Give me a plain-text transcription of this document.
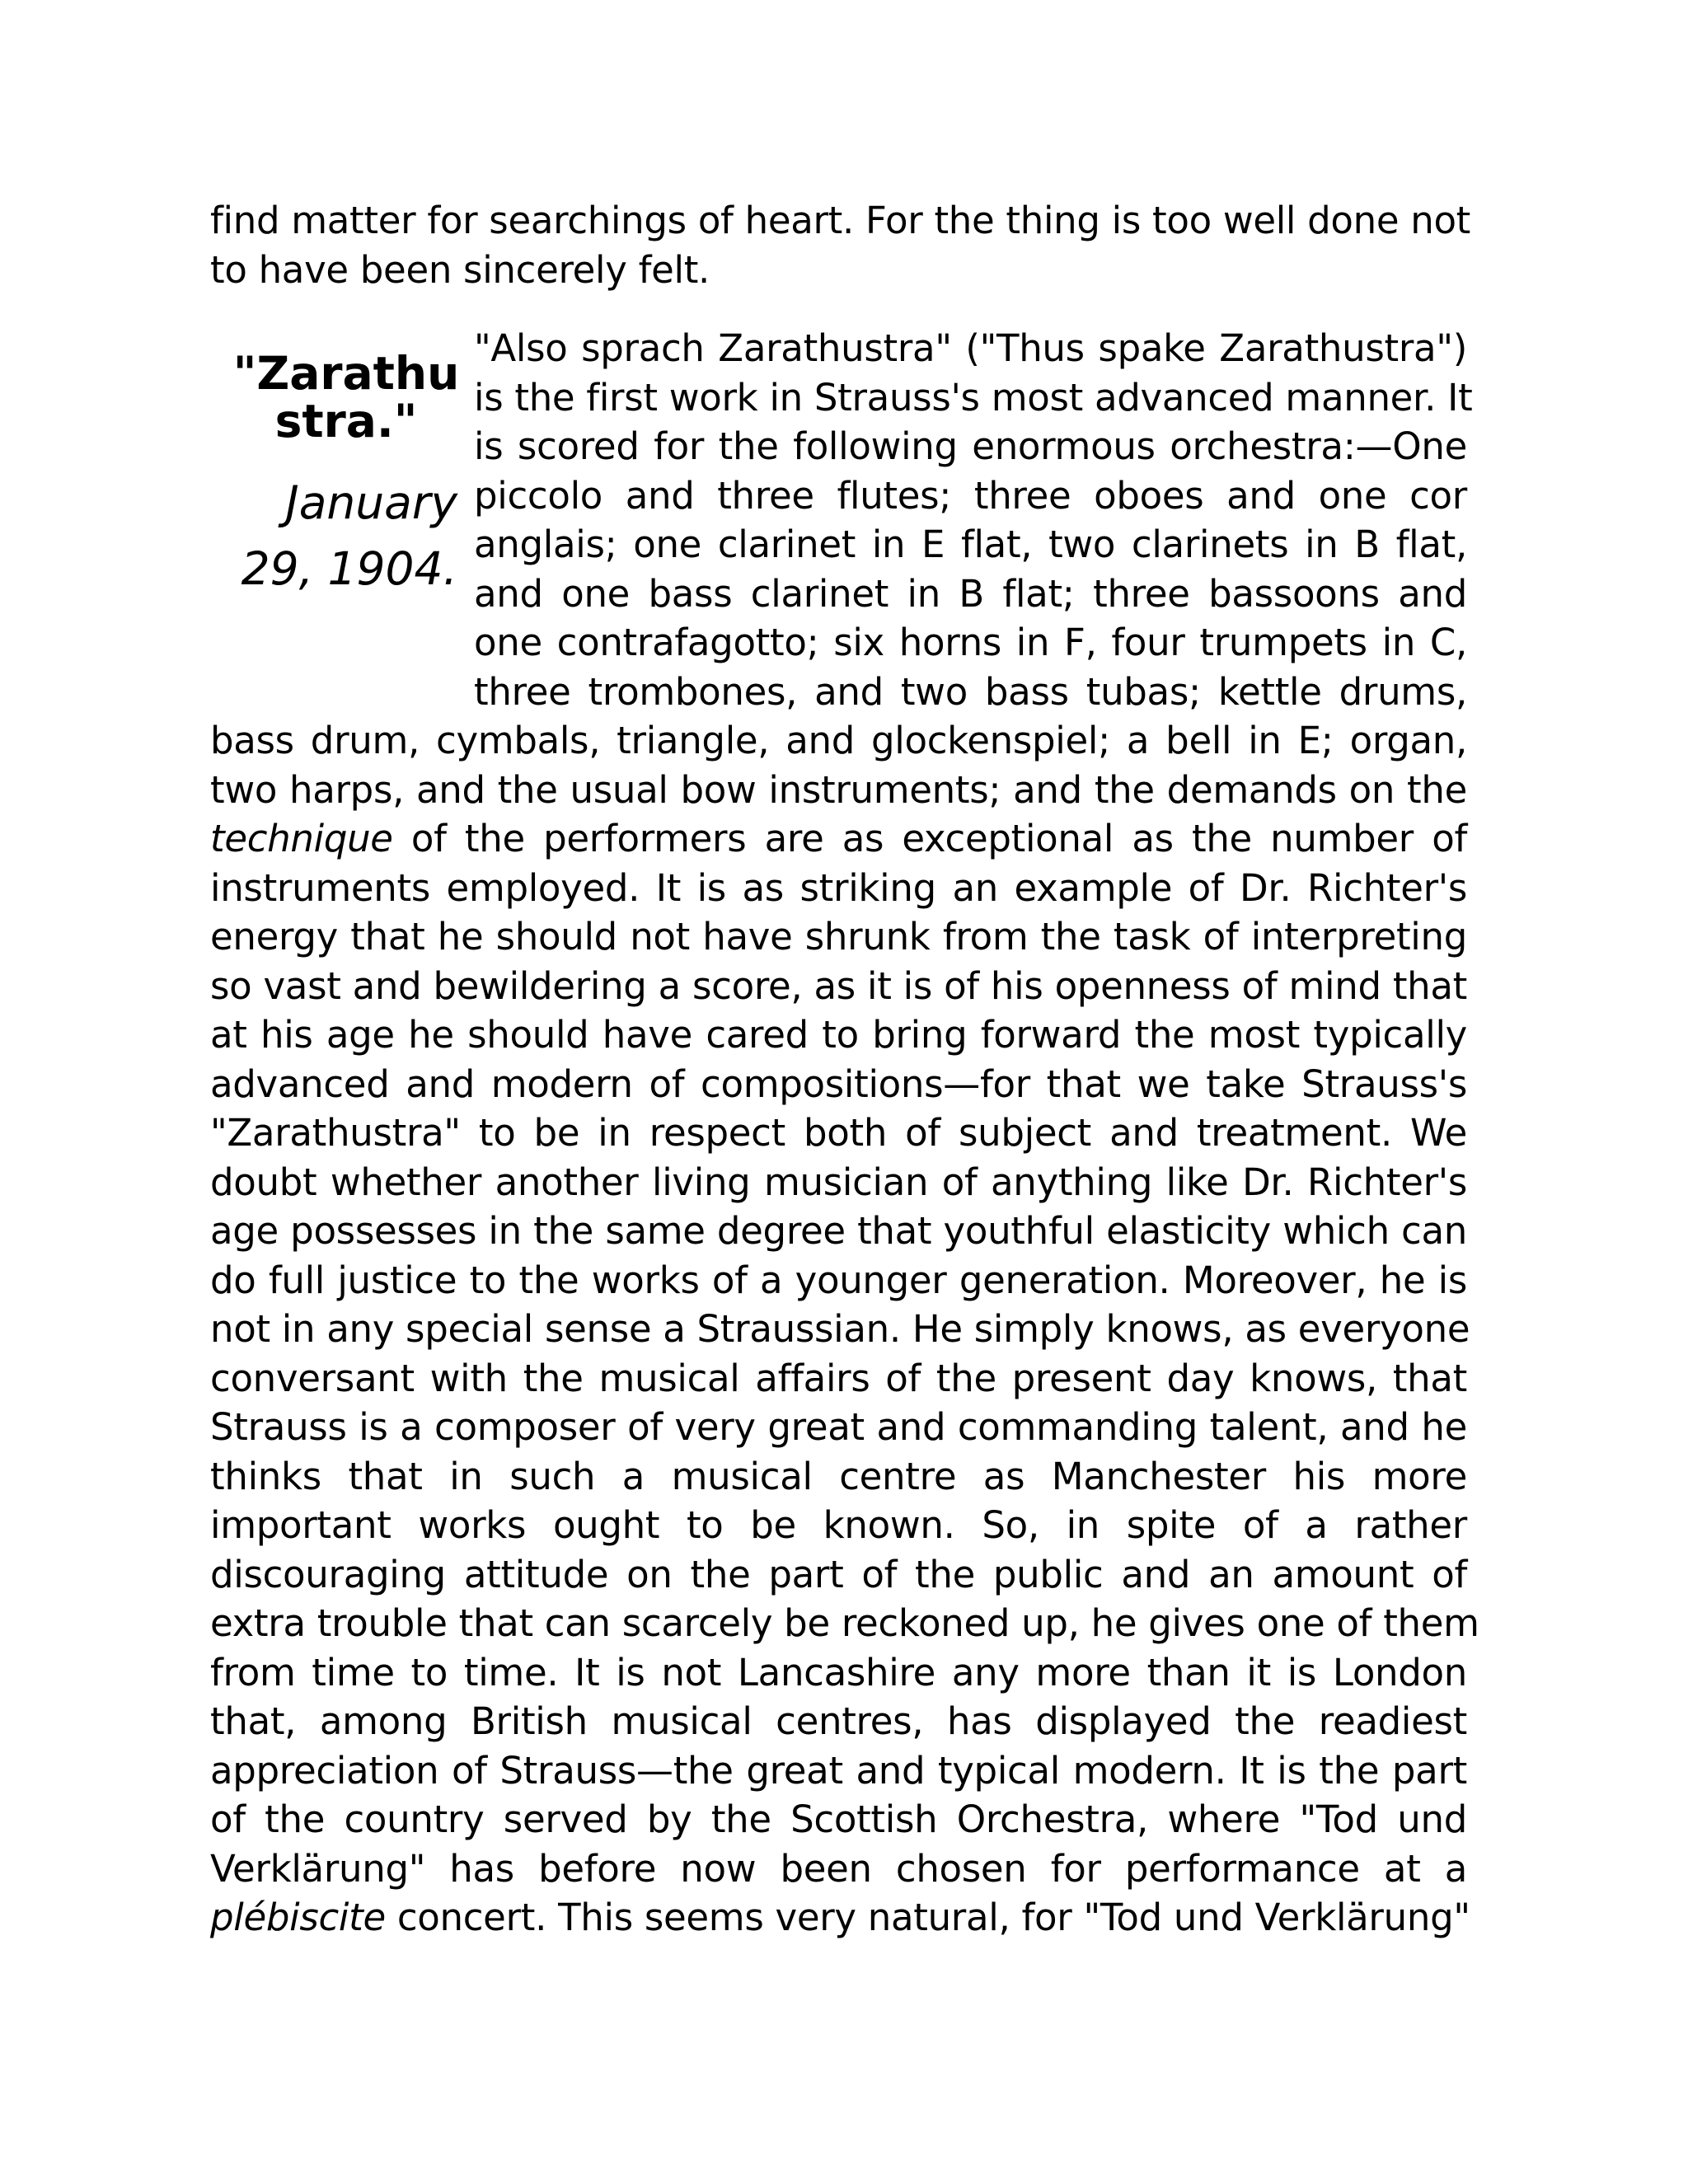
find matter for searchings of heart. For the thing is too well done not
to have been sincerely felt.
"Zarathu
stra."
January
29, 1904.
"Also sprach Zarathustra" ("Thus spake Zarathustra")
is the first work in Strauss's most advanced manner. It
is scored for the following enormous orchestra:—One
piccolo and three flutes; three oboes and one cor
anglais; one clarinet in E flat, two clarinets in B flat,
and one bass clarinet in B flat; three bassoons and
one contrafagotto; six horns in F, four trumpets in C,
three trombones, and two bass tubas; kettle drums,
bass drum, cymbals, triangle, and glockenspiel; a bell in E; organ,
two harps, and the usual bow instruments; and the demands on the
technique of the performers are as exceptional as the number of
instruments employed. It is as striking an example of Dr. Richter's
energy that he should not have shrunk from the task of interpreting
so vast and bewildering a score, as it is of his openness of mind that
at his age he should have cared to bring forward the most typically
advanced and modern of compositions—for that we take Strauss's
"Zarathustra" to be in respect both of subject and treatment. We
doubt whether another living musician of anything like Dr. Richter's
age possesses in the same degree that youthful elasticity which can
do full justice to the works of a younger generation. Moreover, he is
not in any special sense a Straussian. He simply knows, as everyone
conversant with the musical affairs of the present day knows, that
Strauss is a composer of very great and commanding talent, and he
thinks that in such a musical centre as Manchester his more
important works ought to be known. So, in spite of a rather
discouraging attitude on the part of the public and an amount of
extra trouble that can scarcely be reckoned up, he gives one of them
from time to time. It is not Lancashire any more than it is London
that, among British musical centres, has displayed the readiest
appreciation of Strauss—the great and typical modern. It is the part
of the country served by the Scottish Orchestra, where "Tod und
Verklärung" has before now been chosen for performance at a
plébiscite concert. This seems very natural, for "Tod und Verklärung"
